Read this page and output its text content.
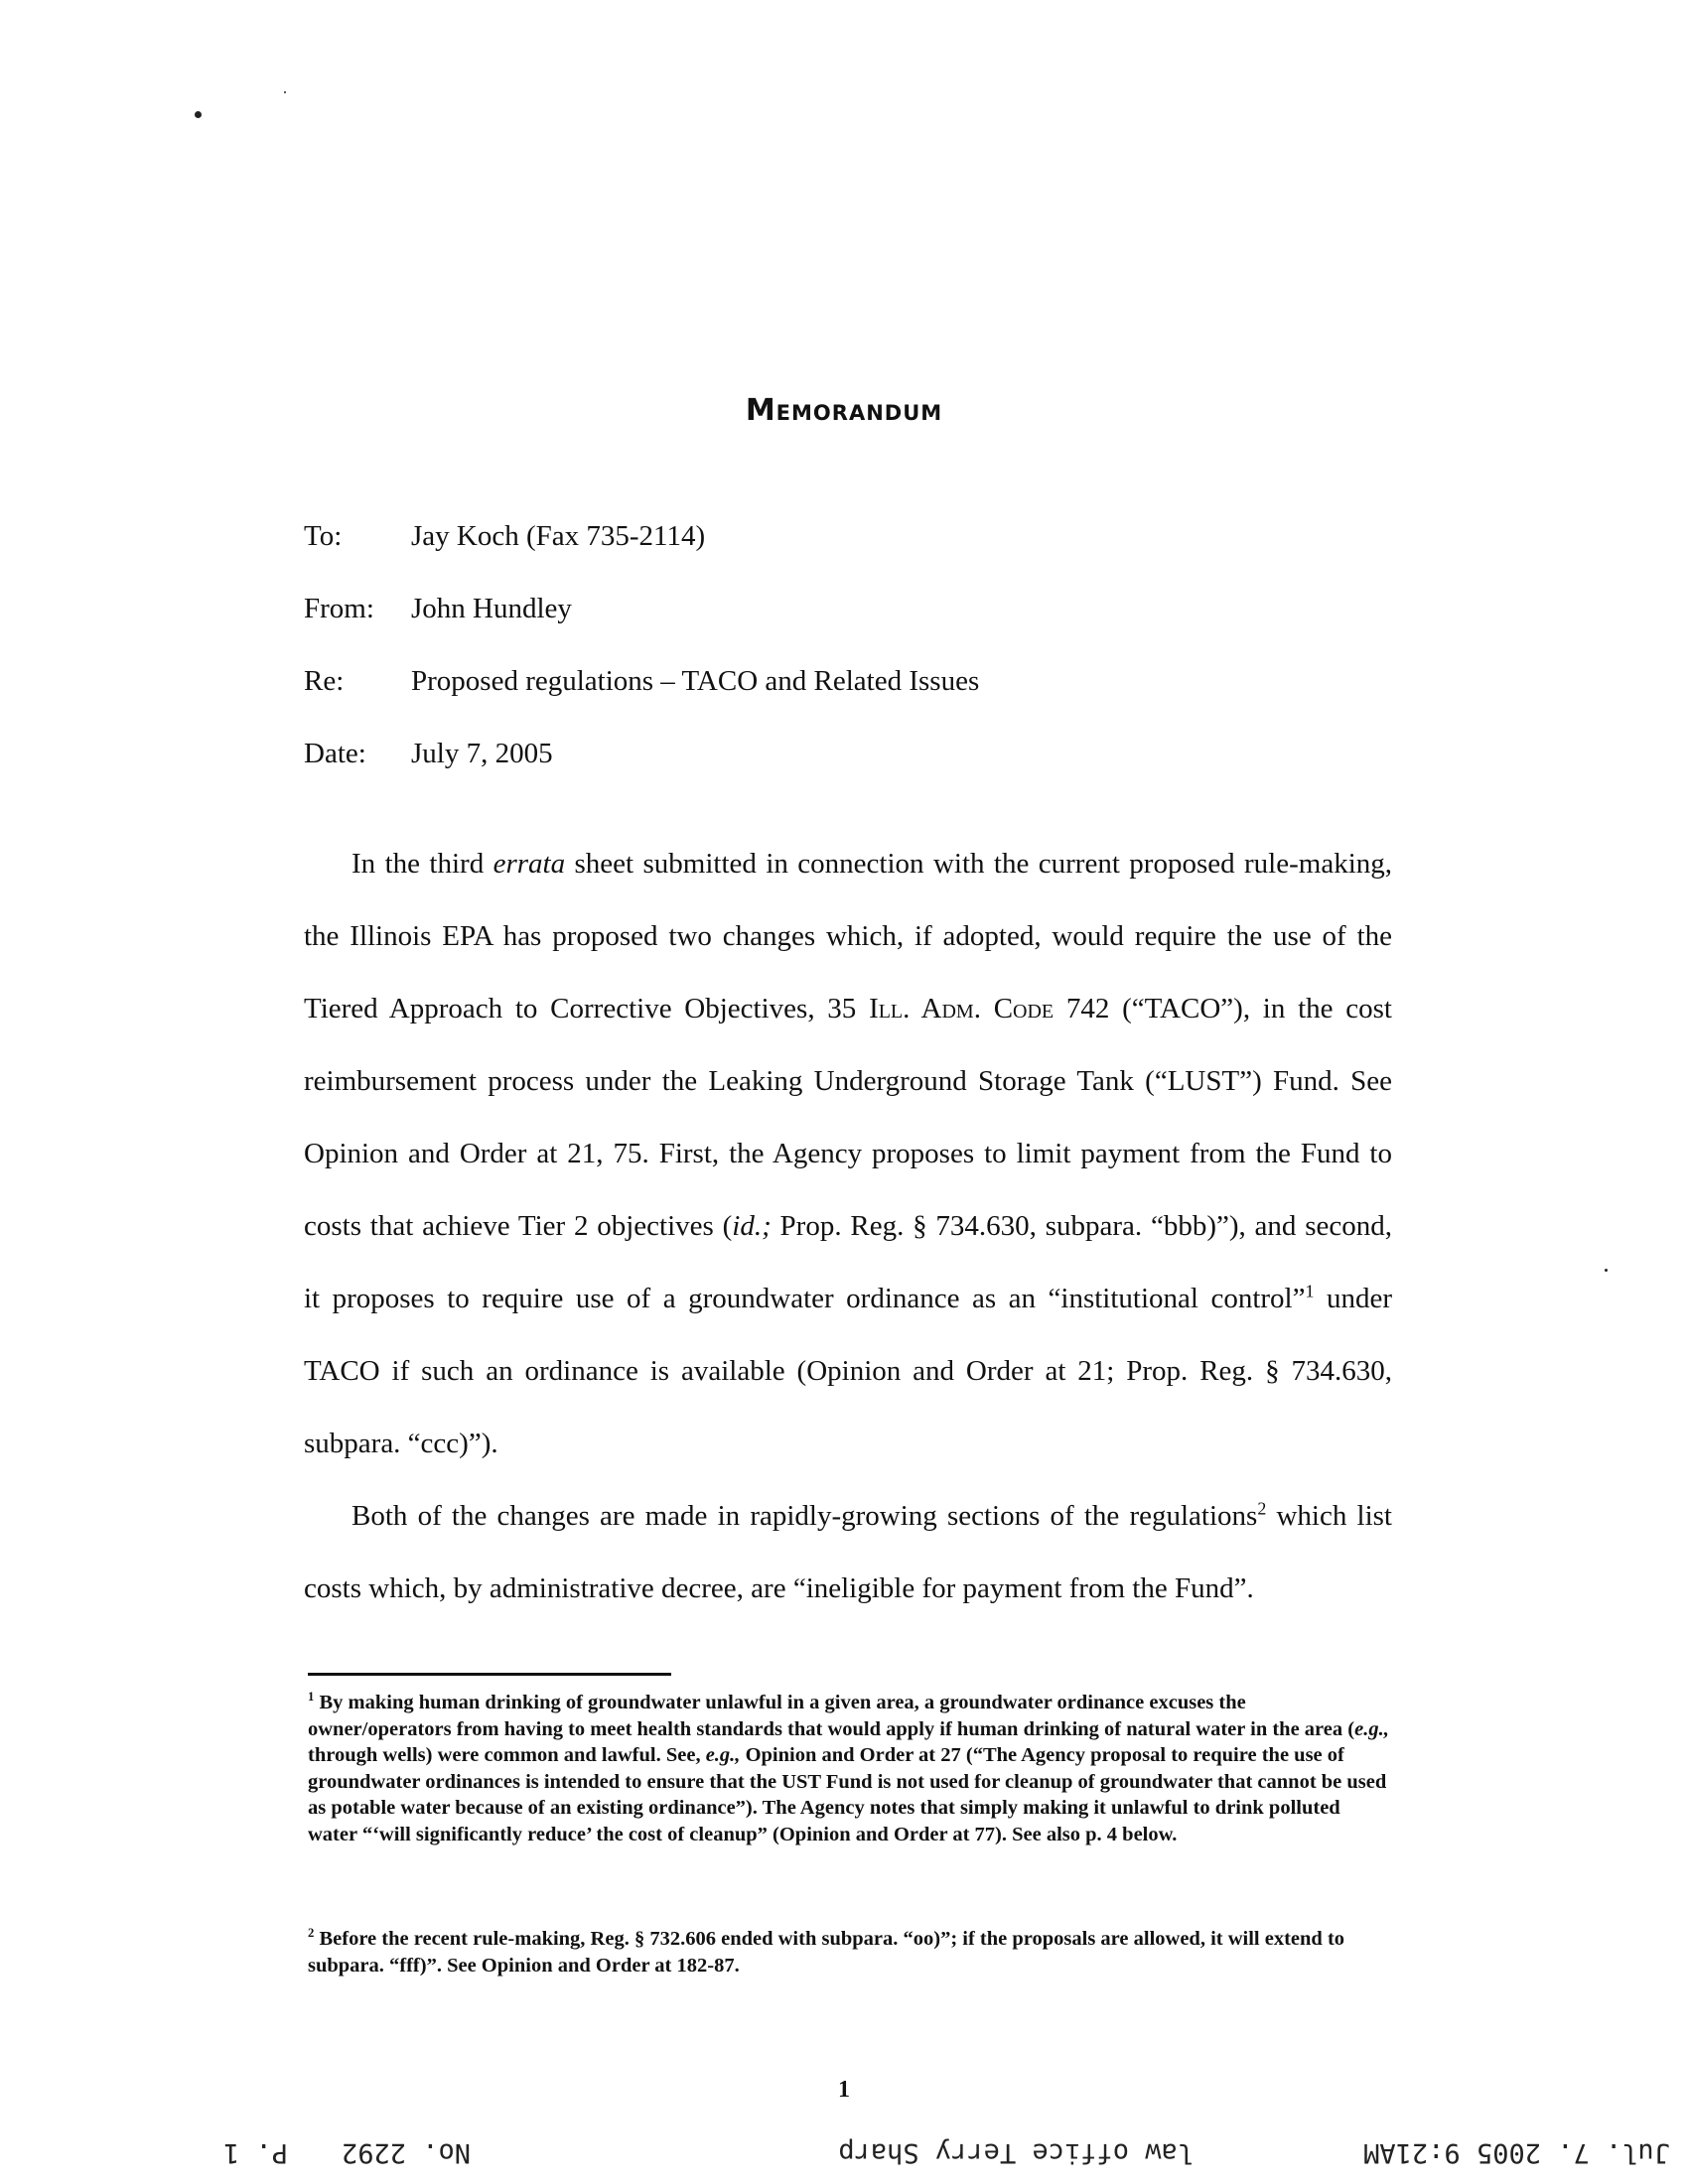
Memorandum
To: Jay Koch (Fax 735-2114)
From: John Hundley
Re: Proposed regulations – TACO and Related Issues
Date: July 7, 2005

In the third errata sheet submitted in connection with the current proposed rule-making, the Illinois EPA has proposed two changes which, if adopted, would require the use of the Tiered Approach to Corrective Objectives, 35 Ill. Adm. Code 742 (“TACO”), in the cost reimbursement process under the Leaking Underground Storage Tank (“LUST”) Fund. See Opinion and Order at 21, 75. First, the Agency proposes to limit payment from the Fund to costs that achieve Tier 2 objectives (id.; Prop. Reg. § 734.630, subpara. “bbb)”), and second, it proposes to require use of a groundwater ordinance as an “institutional control”$^1$ under TACO if such an ordinance is available (Opinion and Order at 21; Prop. Reg. § 734.630, subpara. “ccc)”).

Both of the changes are made in rapidly-growing sections of the regulations$^2$ which list costs which, by administrative decree, are “ineligible for payment from the Fund”.

$^1$ By making human drinking of groundwater unlawful in a given area, a groundwater ordinance excuses the owner/operators from having to meet health standards that would apply if human drinking of natural water in the area (e.g., through wells) were common and lawful. See, e.g., Opinion and Order at 27 (“The Agency proposal to require the use of groundwater ordinances is intended to ensure that the UST Fund is not used for cleanup of groundwater that cannot be used as potable water because of an existing ordinance”). The Agency notes that simply making it unlawful to drink polluted water “‘will significantly reduce’ the cost of cleanup” (Opinion and Order at 77). See also p. 4 below.

$^2$ Before the recent rule-making, Reg. § 732.606 ended with subpara. “oo)”; if the proposals are allowed, it will extend to subpara. “fff)”. See Opinion and Order at 182-87.

1
Jul. 7. 2005 9:21AM
law office Terry Sharp
No. 2292
P. 1
